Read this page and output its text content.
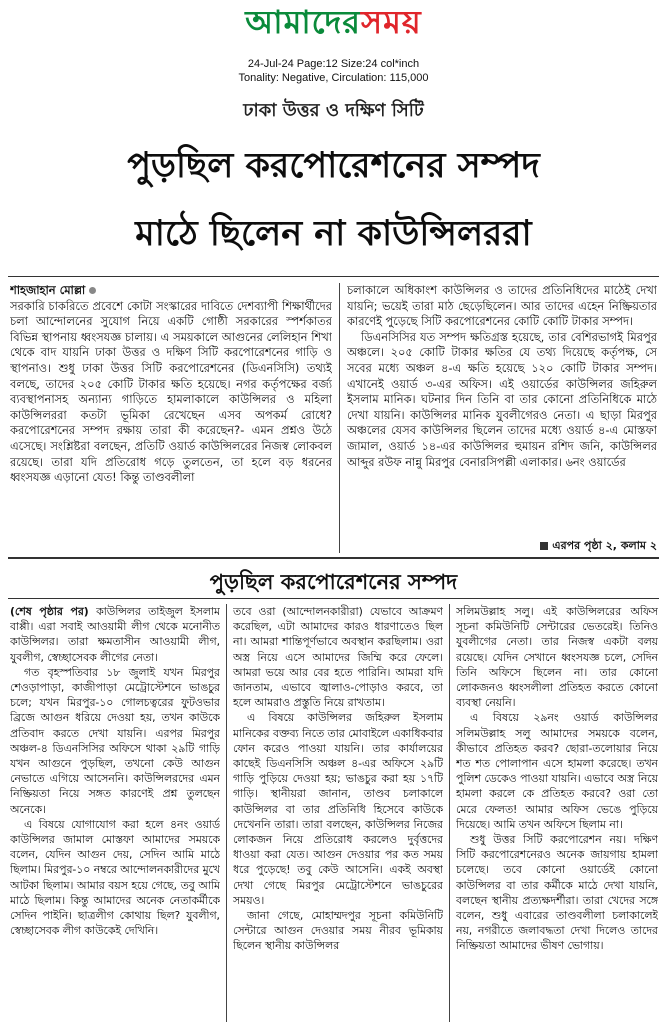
আমাদেরসময়
24-Jul-24 Page:12 Size:24 col*inch
Tonality: Negative, Circulation: 115,000
ঢাকা উত্তর ও দক্ষিণ সিটি
পুড়ছিল করপোরেশনের সম্পদ
মাঠে ছিলেন না কাউন্সিলররা

শাহজাহান মোল্লা

সরকারি চাকরিতে প্রবেশে কোটা সংস্কারের দাবিতে দেশব্যাপী শিক্ষার্থীদের চলা আন্দোলনের সুযোগ নিয়ে একটি গোষ্ঠী সরকারের স্পর্শকাতর বিভিন্ন স্থাপনায় ধ্বংসযজ্ঞ চালায়। এ সময়কালে আগুনের লেলিহান শিখা থেকে বাদ যায়নি ঢাকা উত্তর ও দক্ষিণ সিটি করপোরেশনের গাড়ি ও স্থাপনাও। শুধু ঢাকা উত্তর সিটি করপোরেশনের (ডিএনসিসি) তথ্যই বলছে, তাদের ২০৫ কোটি টাকার ক্ষতি হয়েছে। নগর কর্তৃপক্ষের বর্জ্য ব্যবস্থাপনাসহ অন্যান্য গাড়িতে হামলাকালে কাউন্সিলর ও মহিলা কাউন্সিলররা কতটা ভূমিকা রেখেছেন এসব অপকর্ম রোধে? করপোরেশনের সম্পদ রক্ষায় তারা কী করেছেন?- এমন প্রশ্নও উঠে এসেছে। সংশ্লিষ্টরা বলছেন, প্রতিটি ওয়ার্ড কাউন্সিলরের নিজস্ব লোকবল রয়েছে। তারা যদি প্রতিরোধ গড়ে তুলতেন, তা হলে বড় ধরনের ধ্বংসযজ্ঞ এড়ানো যেত! কিন্তু তাণ্ডবলীলা

চলাকালে অধিকাংশ কাউন্সিলর ও তাদের প্রতিনিধিদের মাঠেই দেখা যায়নি; ভয়েই তারা মাঠ ছেড়েছিলেন। আর তাদের এহেন নিষ্ক্রিয়তার কারণেই পুড়েছে সিটি করপোরেশনের কোটি কোটি টাকার সম্পদ।

ডিএনসিসির যত সম্পদ ক্ষতিগ্রস্ত হয়েছে, তার বেশিরভাগই মিরপুর অঞ্চলে। ২০৫ কোটি টাকার ক্ষতির যে তথ্য দিয়েছে কর্তৃপক্ষ, সে সবের মধ্যে অঞ্চল ৪-এ ক্ষতি হয়েছে ১২০ কোটি টাকার সম্পদ। এখানেই ওয়ার্ড ৩-এর অফিস। এই ওয়ার্ডের কাউন্সিলর জহিরুল ইসলাম মানিক। ঘটনার দিন তিনি বা তার কোনো প্রতিনিধিকে মাঠে দেখা যায়নি। কাউন্সিলর মানিক যুবলীগেরও নেতা। এ ছাড়া মিরপুর অঞ্চলের যেসব কাউন্সিলর ছিলেন তাদের মধ্যে ওয়ার্ড ৪-এ মোস্তফা জামাল, ওয়ার্ড ১৪-এর কাউন্সিলর হুমায়ন রশিদ জনি, কাউন্সিলর আব্দুর রউফ নান্নু মিরপুর বেনারসিপল্লী এলাকার। ৬নং ওয়ার্ডের

এরপর পৃষ্ঠা ২, কলাম ২
পুড়ছিল করপোরেশনের সম্পদ

(শেষ পৃষ্ঠার পর) কাউন্সিলর তাইজুল ইসলাম বাপ্পী। এরা সবাই আওয়ামী লীগ থেকে মনোনীত কাউন্সিলর। তারা ক্ষমতাসীন আওয়ামী লীগ, যুবলীগ, স্বেচ্ছাসেবক লীগের নেতা।

গত বৃহস্পতিবার ১৮ জুলাই যখন মিরপুর শেওড়াপাড়া, কাজীপাড়া মেট্রোস্টেশনে ভাঙচুর চলে; যখন মিরপুর-১০ গোলচত্বরের ফুটওভার ব্রিজে আগুন ধরিয়ে দেওয়া হয়, তখন কাউকে প্রতিবাদ করতে দেখা যায়নি। এরপর মিরপুর অঞ্চল-৪ ডিএনসিসির অফিসে থাকা ২৯টি গাড়ি যখন আগুনে পুড়ছিল, তখনো কেউ আগুন নেভাতে এগিয়ে আসেননি। কাউন্সিলরদের এমন নিষ্ক্রিয়তা নিয়ে সঙ্গত কারণেই প্রশ্ন তুলছেন অনেকে।

এ বিষয়ে যোগাযোগ করা হলে ৪নং ওয়ার্ড কাউন্সিলর জামাল মোস্তফা আমাদের সময়কে বলেন, যেদিন আগুন দেয়, সেদিন আমি মাঠে ছিলাম। মিরপুর-১০ নম্বরে আন্দোলনকারীদের মুখে আটকা ছিলাম। আমার বয়স হয়ে গেছে, তবু আমি মাঠে ছিলাম। কিন্তু আমাদের অনেক নেতাকর্মীকে সেদিন পাইনি। ছাত্রলীগ কোথায় ছিল? যুবলীগ, স্বেচ্ছাসেবক লীগ কাউকেই দেখিনি।

তবে ওরা (আন্দোলনকারীরা) যেভাবে আক্রমণ করেছিল, এটা আমাদের কারও ধারণাতেও ছিল না। আমরা শান্তিপূর্ণভাবে অবস্থান করছিলাম। ওরা অস্ত্র নিয়ে এসে আমাদের জিম্মি করে ফেলে। আমরা ভয়ে আর বের হতে পারিনি। আমরা যদি জানতাম, এভাবে জ্বালাও-পোড়াও করবে, তা হলে আমরাও প্রস্তুতি নিয়ে রাখতাম।

এ বিষয়ে কাউন্সিলর জহিরুল ইসলাম মানিকের বক্তব্য নিতে তার মোবাইলে একাধিকবার ফোন করেও পাওয়া যায়নি। তার কার্যালয়ের কাছেই ডিএনসিসি অঞ্চল ৪-এর অফিসে ২৯টি গাড়ি পুড়িয়ে দেওয়া হয়; ভাঙচুর করা হয় ১৭টি গাড়ি। স্থানীয়রা জানান, তাণ্ডব চলাকালে কাউন্সিলর বা তার প্রতিনিধি হিসেবে কাউকে দেখেননি তারা। তারা বলছেন, কাউন্সিলর নিজের লোকজন নিয়ে প্রতিরোধ করলেও দুর্বৃত্তদের ধাওয়া করা যেত। আগুন দেওয়ার পর কত সময় ধরে পুড়েছে! তবু কেউ আসেনি। একই অবস্থা দেখা গেছে মিরপুর মেট্রোস্টেশনে ভাঙচুরের সময়ও।

জানা গেছে, মোহাম্মদপুর সূচনা কমিউনিটি সেন্টারে আগুন দেওয়ার সময় নীরব ভূমিকায় ছিলেন স্থানীয় কাউন্সিলর

সলিমউল্লাহ সলু। এই কাউন্সিলরের অফিস সূচনা কমিউনিটি সেন্টারের ভেতরেই। তিনিও যুবলীগের নেতা। তার নিজস্ব একটা বলয় রয়েছে। যেদিন সেখানে ধ্বংসযজ্ঞ চলে, সেদিন তিনি অফিসে ছিলেন না। তার কোনো লোকজনও ধ্বংসলীলা প্রতিহত করতে কোনো ব্যবস্থা নেয়নি।

এ বিষয়ে ২৯নং ওয়ার্ড কাউন্সিলর সলিমউল্লাহ সলু আমাদের সময়কে বলেন, কীভাবে প্রতিহত করব? ছোরা-তলোয়ার নিয়ে শত শত পোলাপান এসে হামলা করেছে। তখন পুলিশ ডেকেও পাওয়া যায়নি। এভাবে অস্ত্র নিয়ে হামলা করলে কে প্রতিহত করবে? ওরা তো মেরে ফেলত! আমার অফিস ভেঙে পুড়িয়ে দিয়েছে। আমি তখন অফিসে ছিলাম না।

শুধু উত্তর সিটি করপোরেশন নয়। দক্ষিণ সিটি করপোরেশনেরও অনেক জায়গায় হামলা চলেছে। তবে কোনো ওয়ার্ডেই কোনো কাউন্সিলর বা তার কর্মীকে মাঠে দেখা যায়নি, বলছেন স্থানীয় প্রত্যক্ষদর্শীরা। তারা খেদের সঙ্গে বলেন, শুধু এবারের তাণ্ডবলীলা চলাকালেই নয়, নগরীতে জলাবদ্ধতা দেখা দিলেও তাদের নিষ্ক্রিয়তা আমাদের ভীষণ ভোগায়।
